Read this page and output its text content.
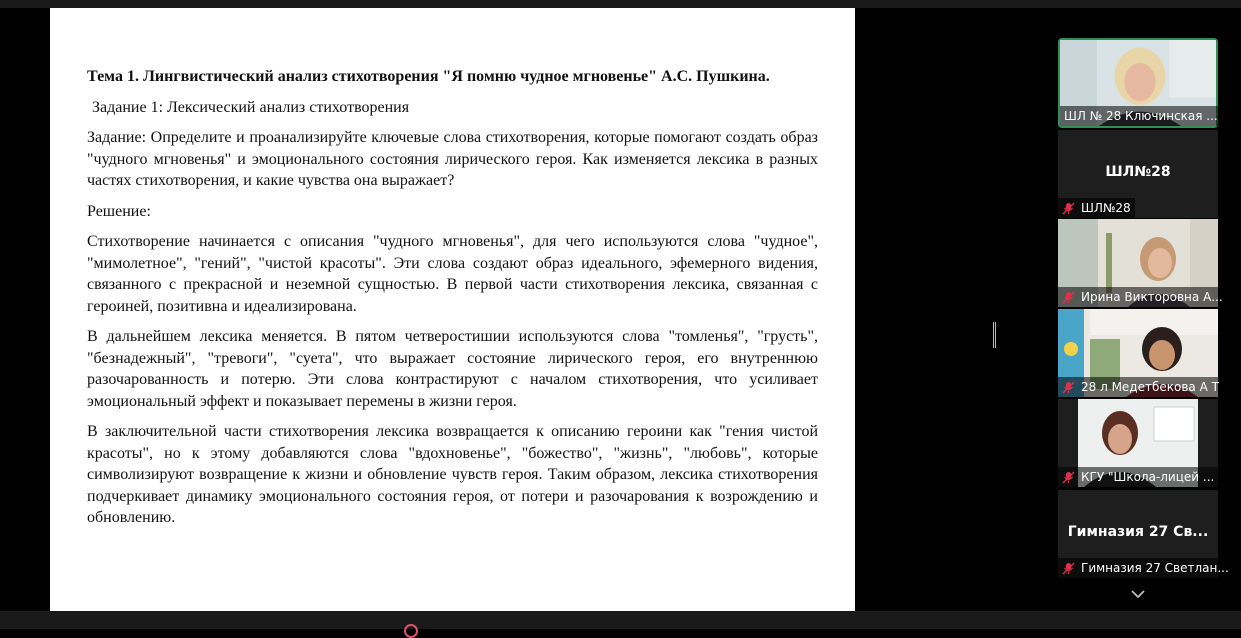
Тема 1. Лингвистический анализ стихотворения "Я помню чудное мгновенье" А.С. Пушкина.

Задание 1: Лексический анализ стихотворения

Задание: Определите и проанализируйте ключевые слова стихотворения, которые помогают создать образ "чудного мгновенья" и эмоционального состояния лирического героя. Как изменяется лексика в разных частях стихотворения, и какие чувства она выражает?

Решение:

Стихотворение начинается с описания "чудного мгновенья", для чего используются слова "чудное", "мимолетное", "гений", "чистой красоты". Эти слова создают образ идеального, эфемерного видения, связанного с прекрасной и неземной сущностью. В первой части стихотворения лексика, связанная с героиней, позитивна и идеализирована.

В дальнейшем лексика меняется. В пятом четверостишии используются слова "томленья", "грусть", "безнадежный", "тревоги", "суета", что выражает состояние лирического героя, его внутреннюю разочарованность и потерю. Эти слова контрастируют с началом стихотворения, что усиливает эмоциональный эффект и показывает перемены в жизни героя.

В заключительной части стихотворения лексика возвращается к описанию героини как "гения чистой красоты", но к этому добавляются слова "вдохновенье", "божество", "жизнь", "любовь", которые символизируют возвращение к жизни и обновление чувств героя. Таким образом, лексика стихотворения подчеркивает динамику эмоционального состояния героя, от потери и разочарования к возрождению и обновлению.

ШЛ № 28 Ключинская ...
ШЛ№28
ШЛ№28
Ирина Викторовна А...
28 л Медетбекова А Т
КГУ "Школа-лицей ...
Гимназия 27 Св...
Гимназия 27 Светлан...
